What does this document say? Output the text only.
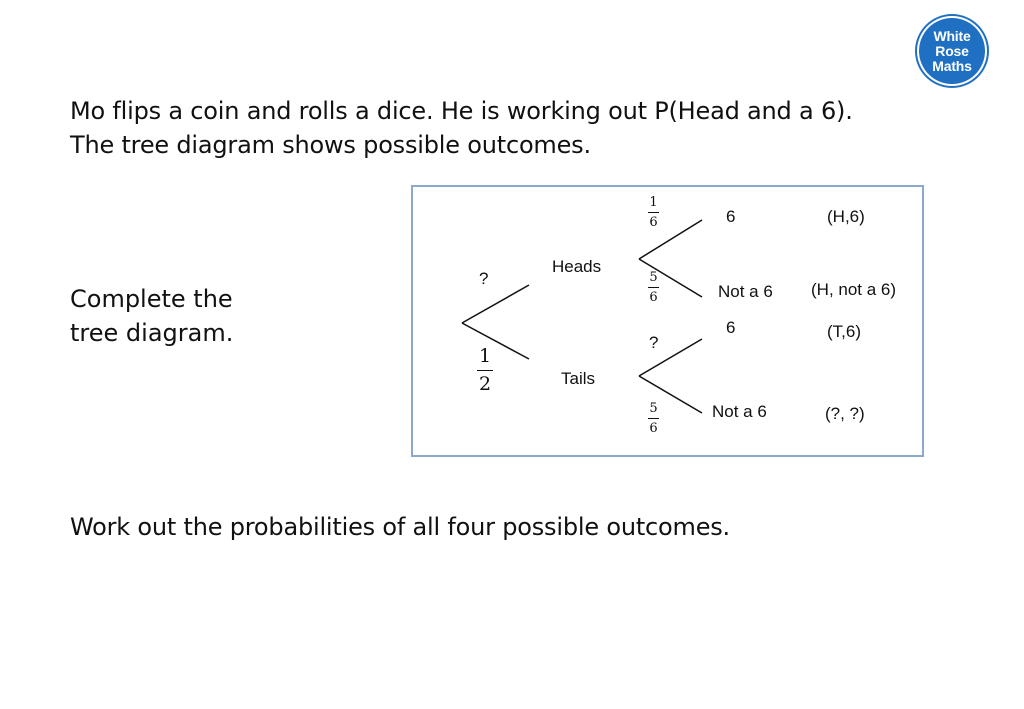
White
Rose
Maths
Mo flips a coin and rolls a dice. He is working out P(Head and a 6).
The tree diagram shows possible outcomes.
Complete the
tree diagram.
Work out the probabilities of all four possible outcomes.
?
1
2
Heads
Tails
1
6
5
6
?
5
6
6
Not a 6
6
Not a 6
(H,6)
(H, not a 6)
(T,6)
(?, ?)
